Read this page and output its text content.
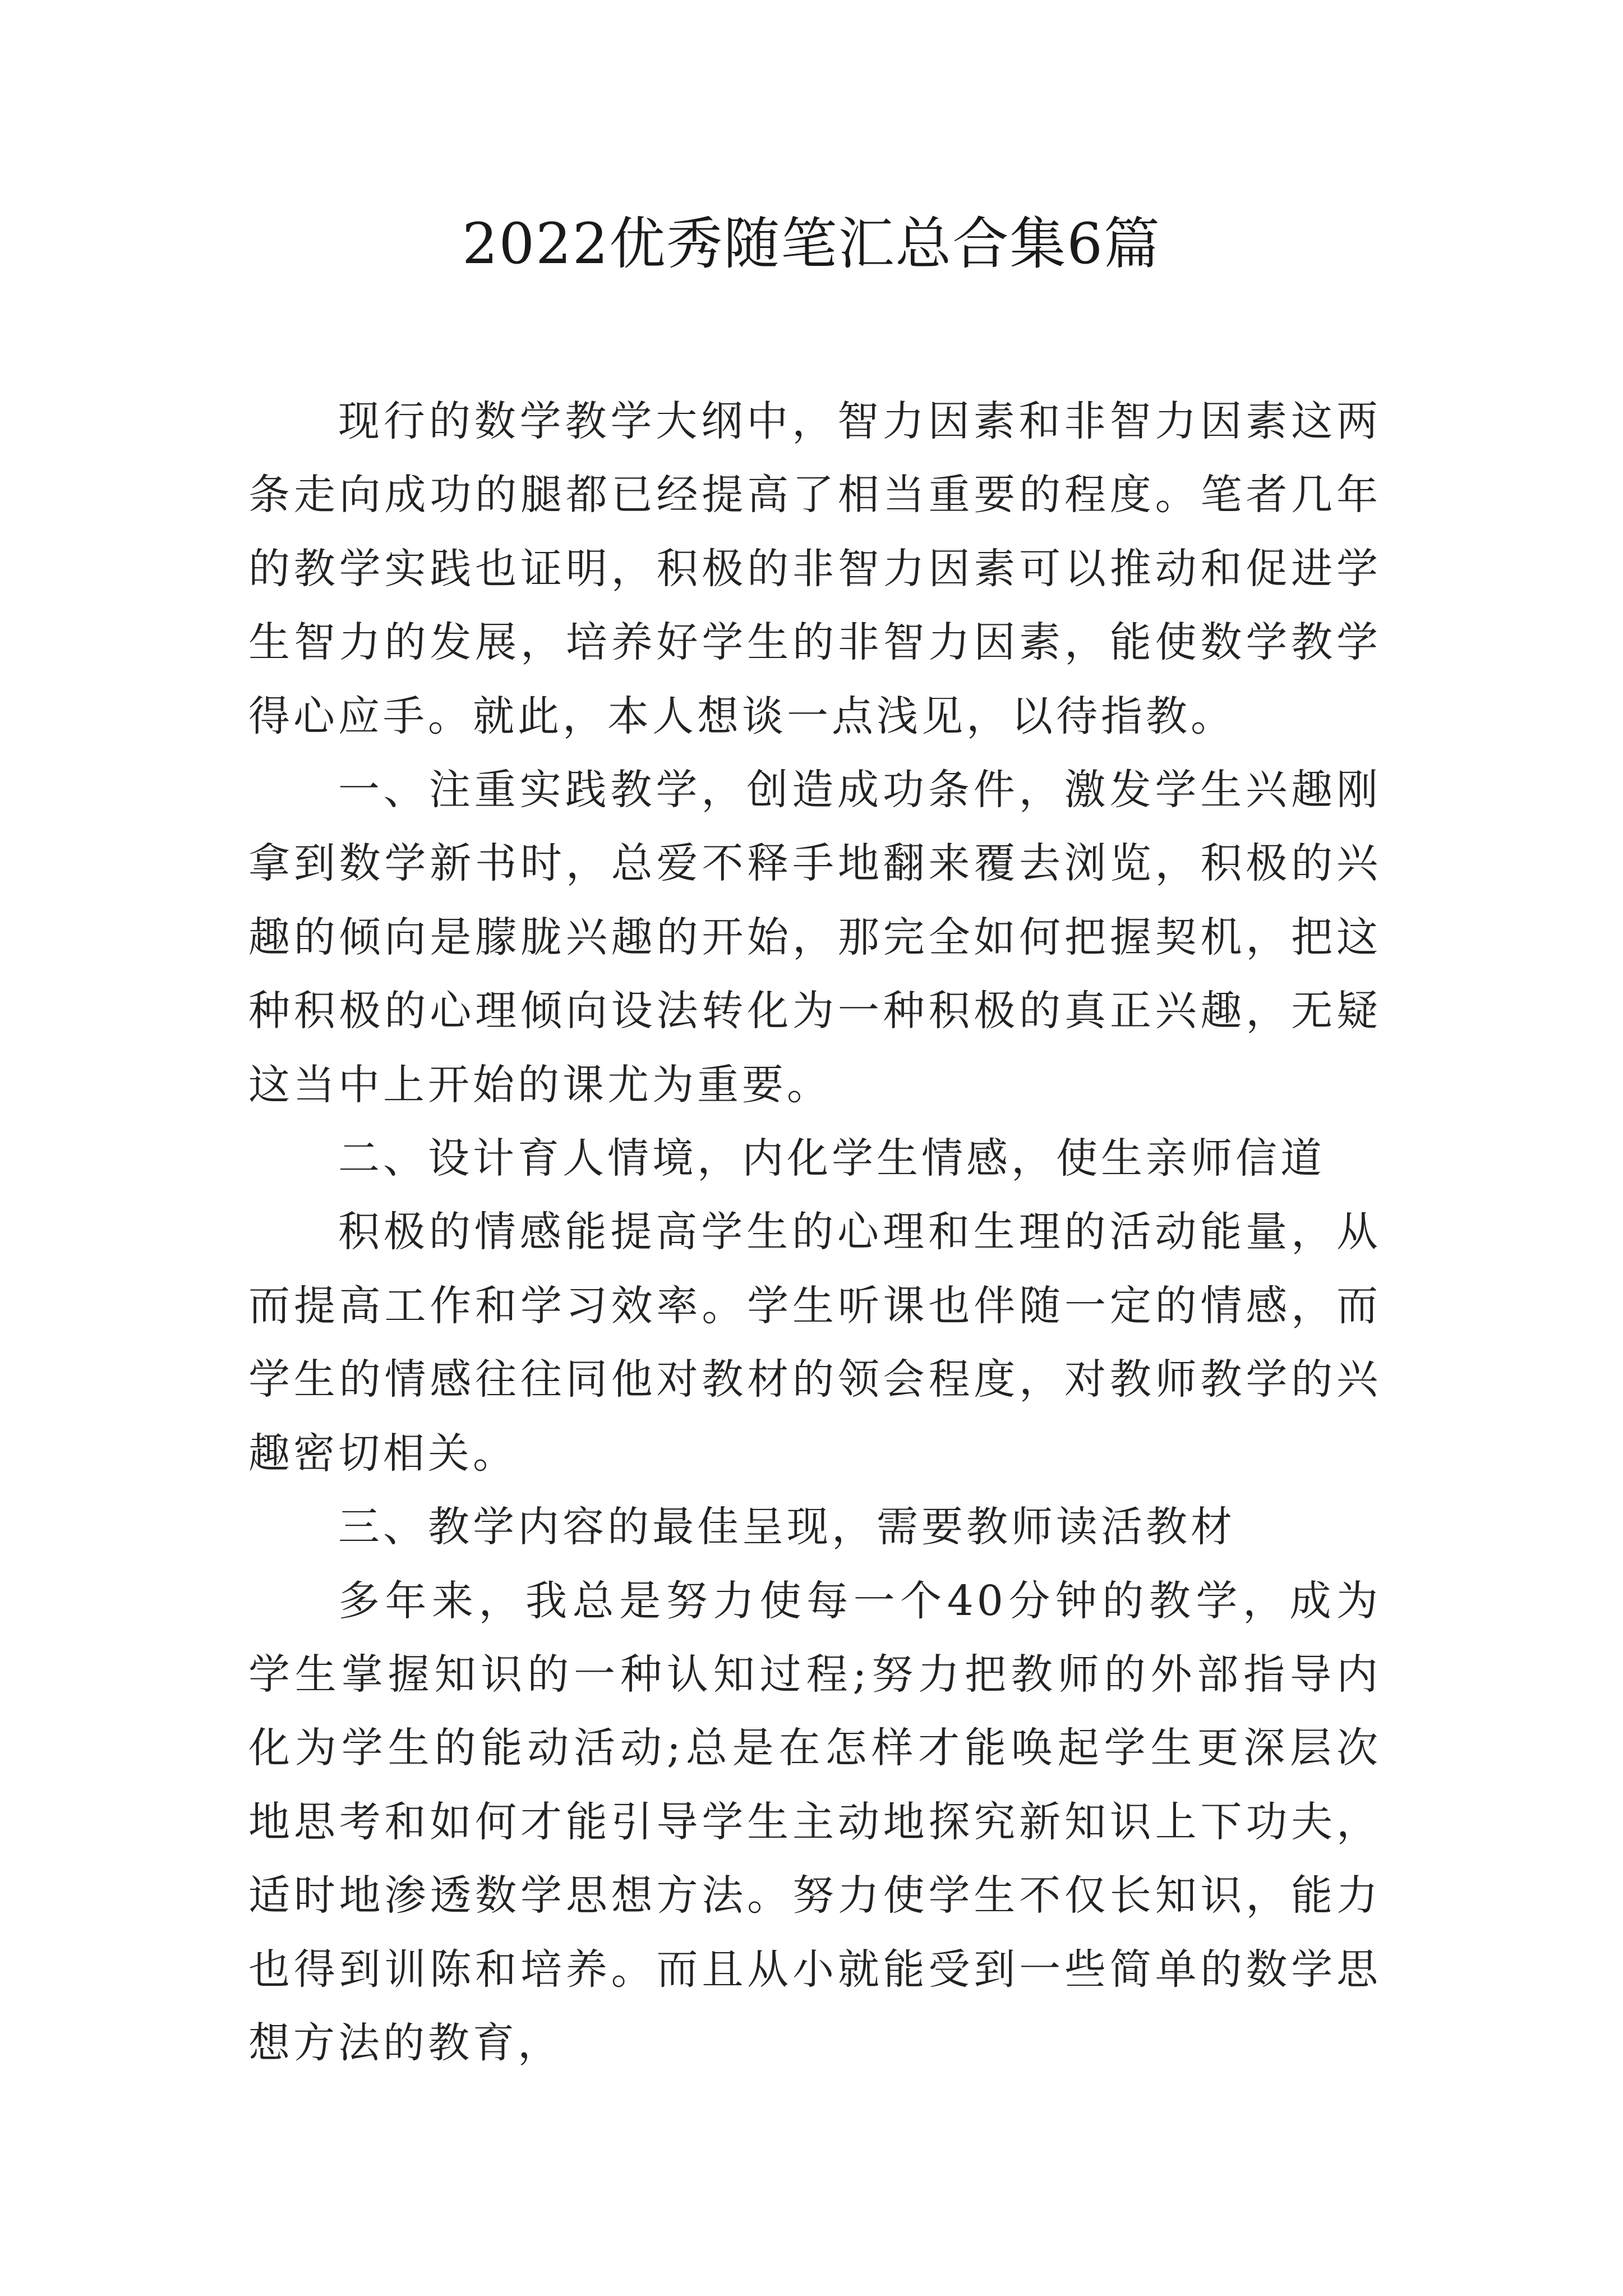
2022优秀随笔汇总合集6篇

现行的数学教学大纲中，智力因素和非智力因素这两条走向成功的腿都已经提高了相当重要的程度。笔者几年的教学实践也证明，积极的非智力因素可以推动和促进学生智力的发展，培养好学生的非智力因素，能使数学教学得心应手。就此，本人想谈一点浅见，以待指教。

一、注重实践教学，创造成功条件，激发学生兴趣刚拿到数学新书时，总爱不释手地翻来覆去浏览，积极的兴趣的倾向是朦胧兴趣的开始，那完全如何把握契机，把这种积极的心理倾向设法转化为一种积极的真正兴趣，无疑这当中上开始的课尤为重要。

二、设计育人情境，内化学生情感，使生亲师信道

积极的情感能提高学生的心理和生理的活动能量，从而提高工作和学习效率。学生听课也伴随一定的情感，而学生的情感往往同他对教材的领会程度，对教师教学的兴趣密切相关。

三、教学内容的最佳呈现，需要教师读活教材

多年来，我总是努力使每一个40分钟的教学，成为学生掌握知识的一种认知过程;努力把教师的外部指导内化为学生的能动活动;总是在怎样才能唤起学生更深层次地思考和如何才能引导学生主动地探究新知识上下功夫，适时地渗透数学思想方法。努力使学生不仅长知识，能力也得到训陈和培养。而且从小就能受到一些简单的数学思想方法的教育，
